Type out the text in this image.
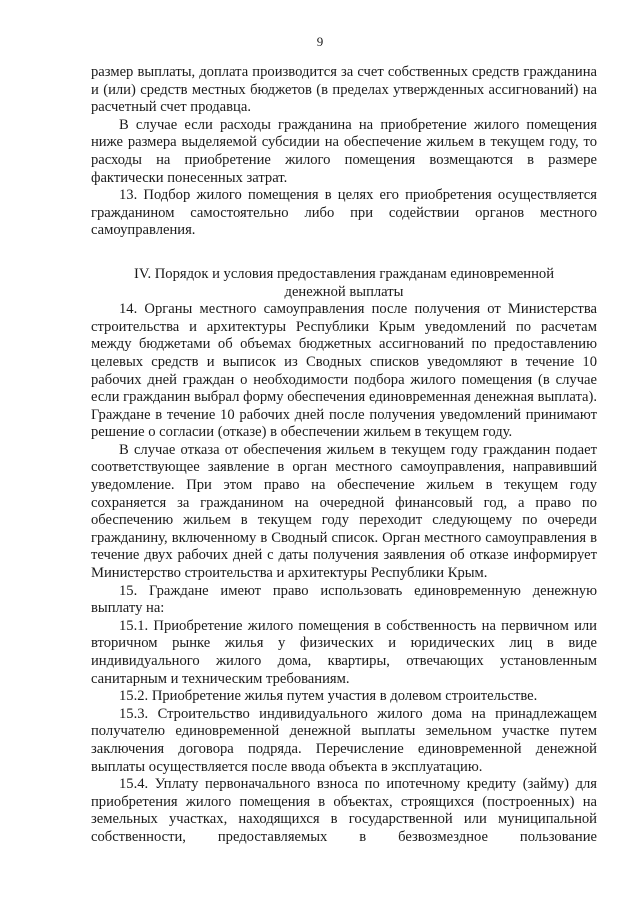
9

размер выплаты, доплата производится за счет собственных средств гражданина и (или) средств местных бюджетов (в пределах утвержденных ассигнований) на расчетный счет продавца.

В случае если расходы гражданина на приобретение жилого помещения ниже размера выделяемой субсидии на обеспечение жильем в текущем году, то расходы на приобретение жилого помещения возмещаются в размере фактически понесенных затрат.

13. Подбор жилого помещения в целях его приобретения осуществляется гражданином самостоятельно либо при содействии органов местного самоуправления.

IV. Порядок и условия предоставления гражданам единовременной денежной выплаты

14. Органы местного самоуправления после получения от Министерства строительства и архитектуры Республики Крым уведомлений по расчетам между бюджетами об объемах бюджетных ассигнований по предоставлению целевых средств и выписок из Сводных списков уведомляют в течение 10 рабочих дней граждан о необходимости подбора жилого помещения (в случае если гражданин выбрал форму обеспечения единовременная денежная выплата). Граждане в течение 10 рабочих дней после получения уведомлений принимают решение о согласии (отказе) в обеспечении жильем в текущем году.

В случае отказа от обеспечения жильем в текущем году гражданин подает соответствующее заявление в орган местного самоуправления, направивший уведомление. При этом право на обеспечение жильем в текущем году сохраняется за гражданином на очередной финансовый год, а право по обеспечению жильем в текущем году переходит следующему по очереди гражданину, включенному в Сводный список. Орган местного самоуправления в течение двух рабочих дней с даты получения заявления об отказе информирует Министерство строительства и архитектуры Республики Крым.

15. Граждане имеют право использовать единовременную денежную выплату на:

15.1. Приобретение жилого помещения в собственность на первичном или вторичном рынке жилья у физических и юридических лиц в виде индивидуального жилого дома, квартиры, отвечающих установленным санитарным и техническим требованиям.

15.2. Приобретение жилья путем участия в долевом строительстве.

15.3. Строительство индивидуального жилого дома на принадлежащем получателю единовременной денежной выплаты земельном участке путем заключения договора подряда. Перечисление единовременной денежной выплаты осуществляется после ввода объекта в эксплуатацию.

15.4. Уплату первоначального взноса по ипотечному кредиту (займу) для приобретения жилого помещения в объектах, строящихся (построенных) на земельных участках, находящихся в государственной или муниципальной собственности, предоставляемых в безвозмездное пользование
